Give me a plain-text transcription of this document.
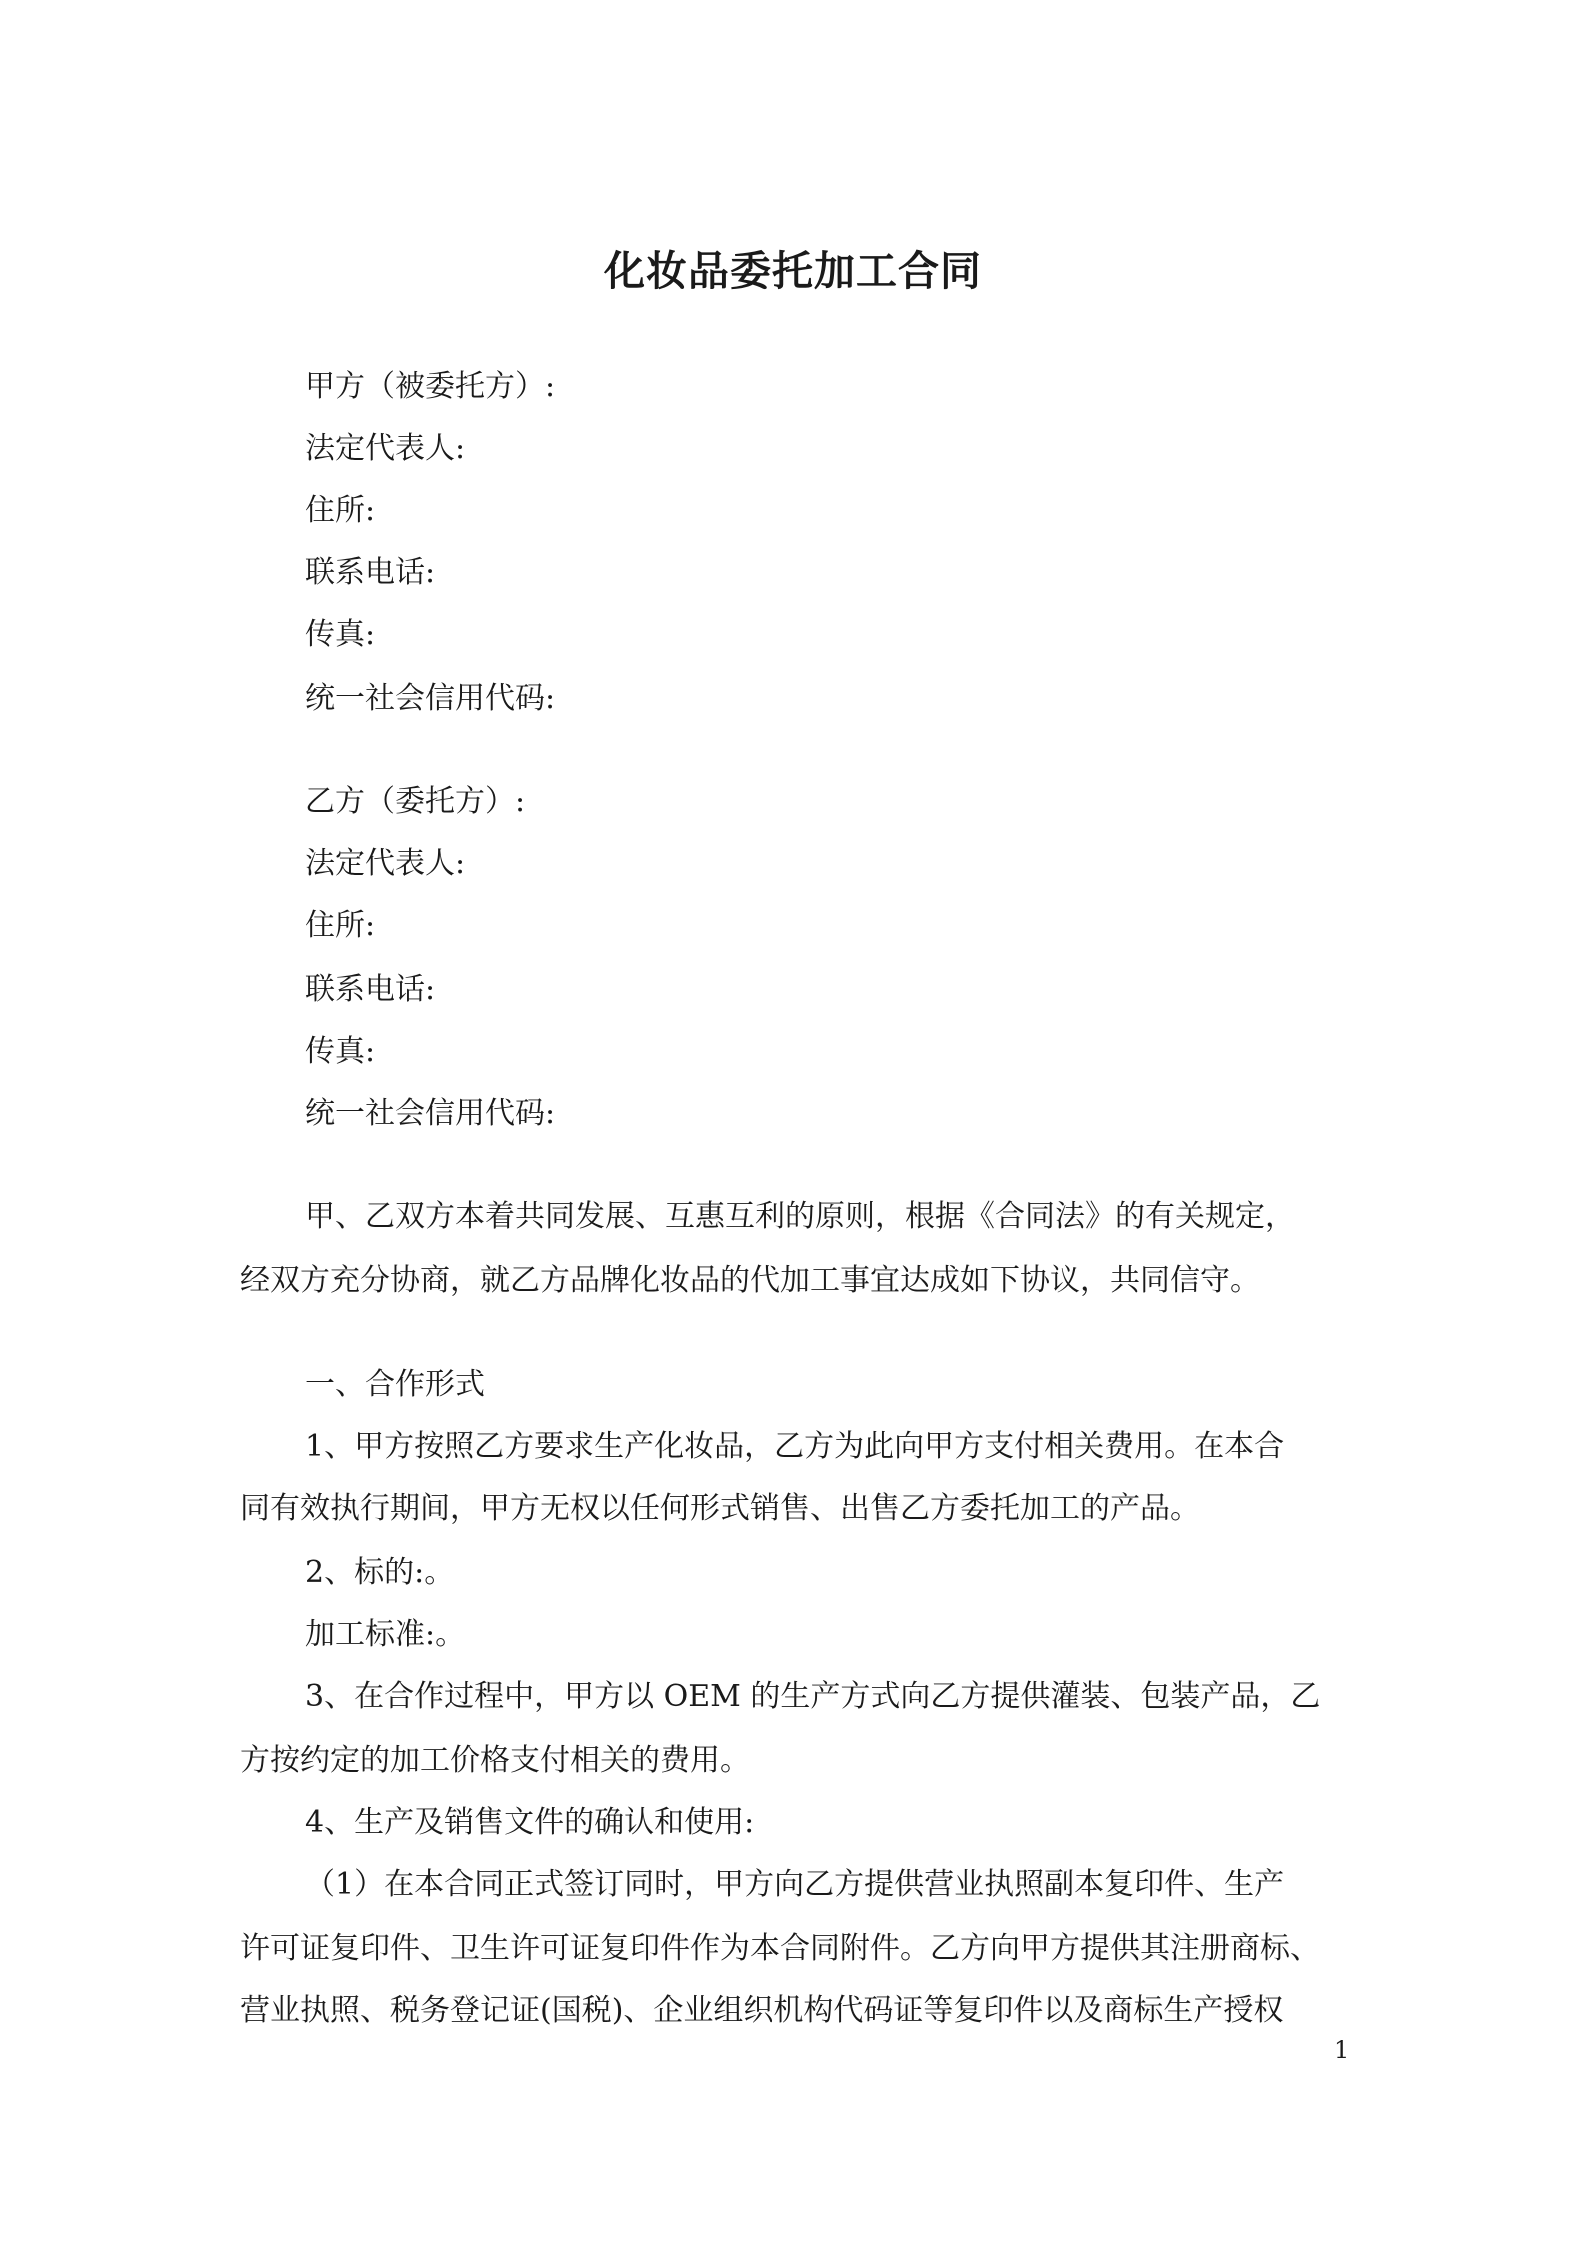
化妆品委托加工合同

甲方（被委托方）:

法定代表人:

住所:

联系电话:

传真:

统一社会信用代码:

乙方（委托方）:

法定代表人:

住所:

联系电话:

传真:

统一社会信用代码:

甲、乙双方本着共同发展、互惠互利的原则，根据《合同法》的有关规定，

经双方充分协商，就乙方品牌化妆品的代加工事宜达成如下协议，共同信守。

一、合作形式

1、甲方按照乙方要求生产化妆品，乙方为此向甲方支付相关费用。在本合

同有效执行期间，甲方无权以任何形式销售、出售乙方委托加工的产品。

2、标的:。

加工标准:。

3、在合作过程中，甲方以 OEM 的生产方式向乙方提供灌装、包装产品，乙

方按约定的加工价格支付相关的费用。

4、生产及销售文件的确认和使用:

（1）在本合同正式签订同时，甲方向乙方提供营业执照副本复印件、生产

许可证复印件、卫生许可证复印件作为本合同附件。乙方向甲方提供其注册商标、

营业执照、税务登记证(国税)、企业组织机构代码证等复印件以及商标生产授权

1
